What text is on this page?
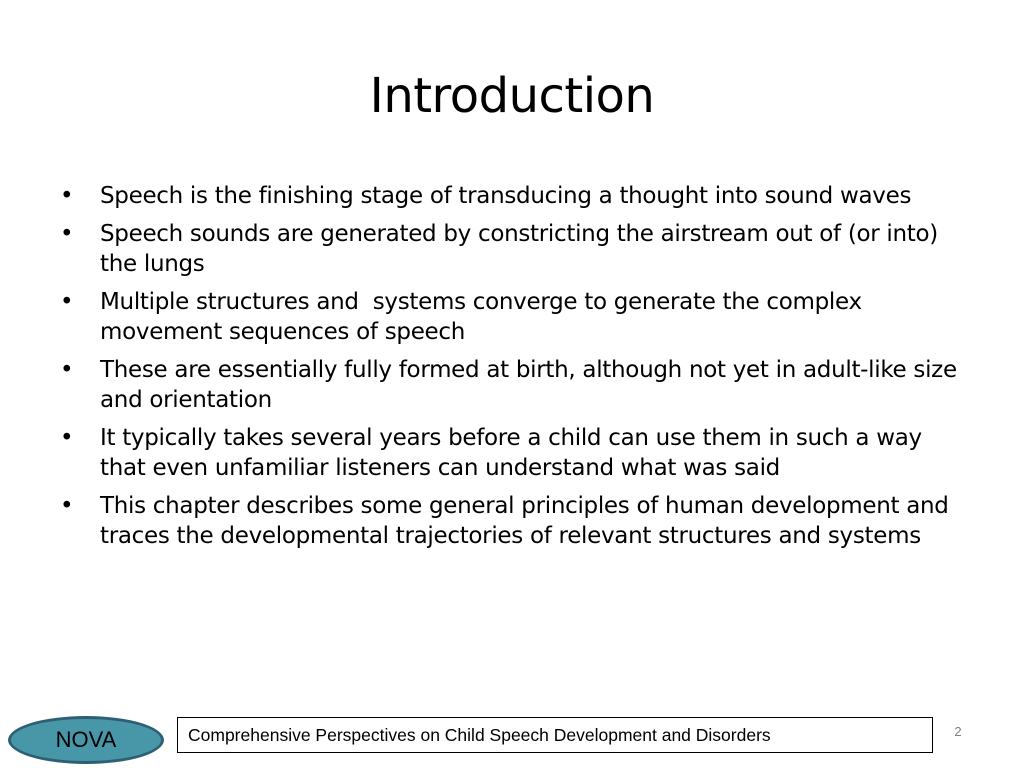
Introduction
• Speech is the finishing stage of transducing a thought into sound waves
• Speech sounds are generated by constricting the airstream out of (or into) the lungs
• Multiple structures and  systems converge to generate the complex movement sequences of speech
• These are essentially fully formed at birth, although not yet in adult-like size and orientation
• It typically takes several years before a child can use them in such a way that even unfamiliar listeners can understand what was said
• This chapter describes some general principles of human development and traces the developmental trajectories of relevant structures and systems
NOVA	Comprehensive Perspectives on Child Speech Development and Disorders	2
